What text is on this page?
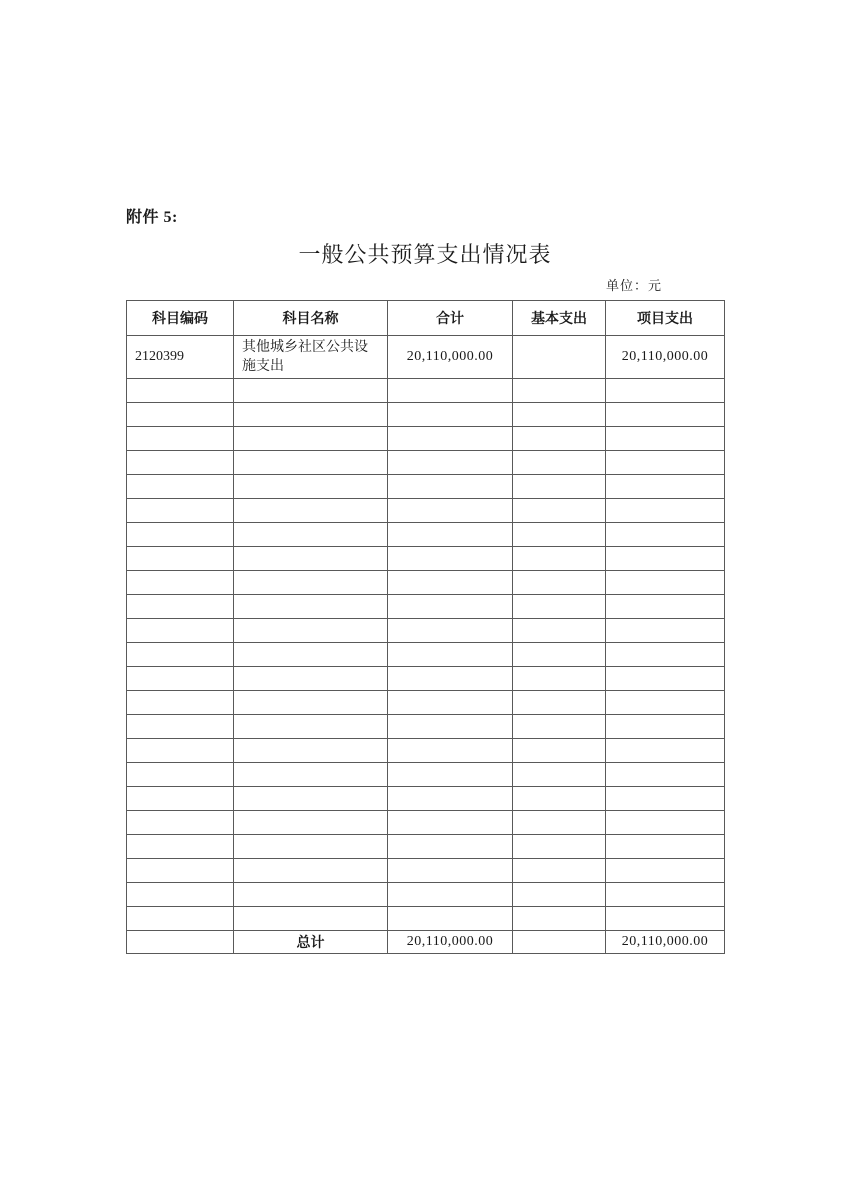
附件 5:
一般公共预算支出情况表
单位：元
科目编码	科目名称	合计	基本支出	项目支出
2120399	其他城乡社区公共设施支出	20,110,000.00		20,110,000.00

	总计	20,110,000.00		20,110,000.00
